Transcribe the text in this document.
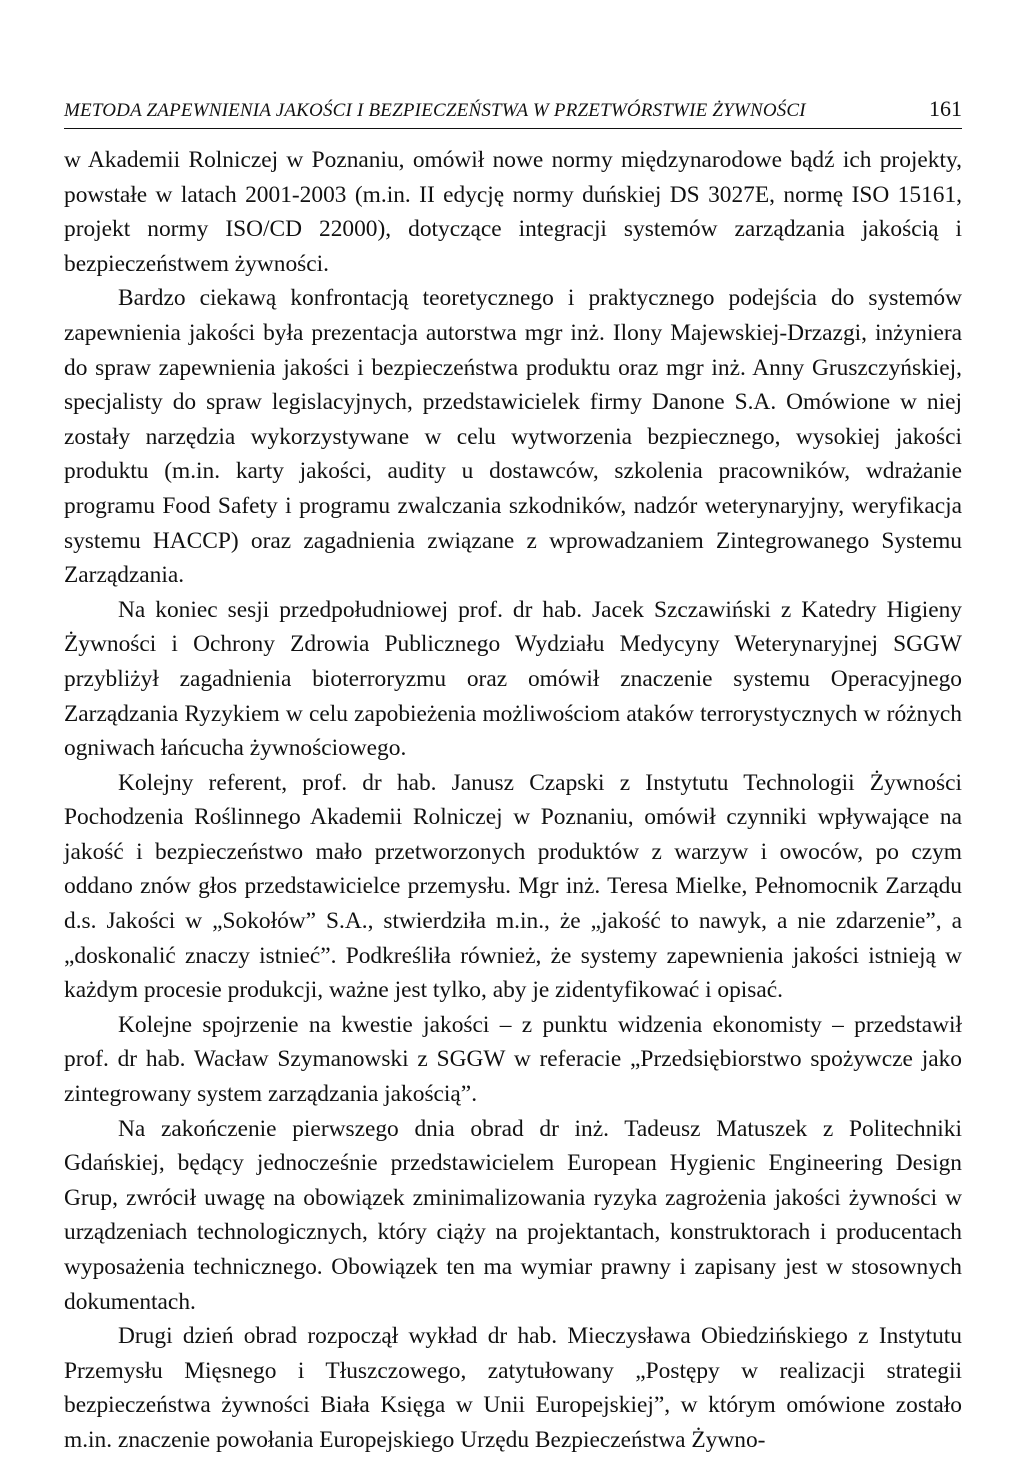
METODA ZAPEWNIENIA JAKOŚCI I BEZPIECZEŃSTWA W PRZETWÓRSTWIE ŻYWNOŚCI	161

w Akademii Rolniczej w Poznaniu, omówił nowe normy międzynarodowe bądź ich projekty, powstałe w latach 2001-2003 (m.in. II edycję normy duńskiej DS 3027E, normę ISO 15161, projekt normy ISO/CD 22000), dotyczące integracji systemów zarządzania jakością i bezpieczeństwem żywności.

Bardzo ciekawą konfrontacją teoretycznego i praktycznego podejścia do systemów zapewnienia jakości była prezentacja autorstwa mgr inż. Ilony Majewskiej-Drzazgi, inżyniera do spraw zapewnienia jakości i bezpieczeństwa produktu oraz mgr inż. Anny Gruszczyńskiej, specjalisty do spraw legislacyjnych, przedstawicielek firmy Danone S.A. Omówione w niej zostały narzędzia wykorzystywane w celu wytworzenia bezpiecznego, wysokiej jakości produktu (m.in. karty jakości, audity u dostawców, szkolenia pracowników, wdrażanie programu Food Safety i programu zwalczania szkodników, nadzór weterynaryjny, weryfikacja systemu HACCP) oraz zagadnienia związane z wprowadzaniem Zintegrowanego Systemu Zarządzania.

Na koniec sesji przedpołudniowej prof. dr hab. Jacek Szczawiński z Katedry Higieny Żywności i Ochrony Zdrowia Publicznego Wydziału Medycyny Weterynaryjnej SGGW przybliżył zagadnienia bioterroryzmu oraz omówił znaczenie systemu Operacyjnego Zarządzania Ryzykiem w celu zapobieżenia możliwościom ataków terrorystycznych w różnych ogniwach łańcucha żywnościowego.

Kolejny referent, prof. dr hab. Janusz Czapski z Instytutu Technologii Żywności Pochodzenia Roślinnego Akademii Rolniczej w Poznaniu, omówił czynniki wpływające na jakość i bezpieczeństwo mało przetworzonych produktów z warzyw i owoców, po czym oddano znów głos przedstawicielce przemysłu. Mgr inż. Teresa Mielke, Pełnomocnik Zarządu d.s. Jakości w „Sokołów” S.A., stwierdziła m.in., że „jakość to nawyk, a nie zdarzenie”, a „doskonalić znaczy istnieć”. Podkreśliła również, że systemy zapewnienia jakości istnieją w każdym procesie produkcji, ważne jest tylko, aby je zidentyfikować i opisać.

Kolejne spojrzenie na kwestie jakości – z punktu widzenia ekonomisty – przedstawił prof. dr hab. Wacław Szymanowski z SGGW w referacie „Przedsiębiorstwo spożywcze jako zintegrowany system zarządzania jakością”.

Na zakończenie pierwszego dnia obrad dr inż. Tadeusz Matuszek z Politechniki Gdańskiej, będący jednocześnie przedstawicielem European Hygienic Engineering Design Grup, zwrócił uwagę na obowiązek zminimalizowania ryzyka zagrożenia jakości żywności w urządzeniach technologicznych, który ciąży na projektantach, konstruktorach i producentach wyposażenia technicznego. Obowiązek ten ma wymiar prawny i zapisany jest w stosownych dokumentach.

Drugi dzień obrad rozpoczął wykład dr hab. Mieczysława Obiedzińskiego z Instytutu Przemysłu Mięsnego i Tłuszczowego, zatytułowany „Postępy w realizacji strategii bezpieczeństwa żywności Biała Księga w Unii Europejskiej”, w którym omówione zostało m.in. znaczenie powołania Europejskiego Urzędu Bezpieczeństwa Żywno-
